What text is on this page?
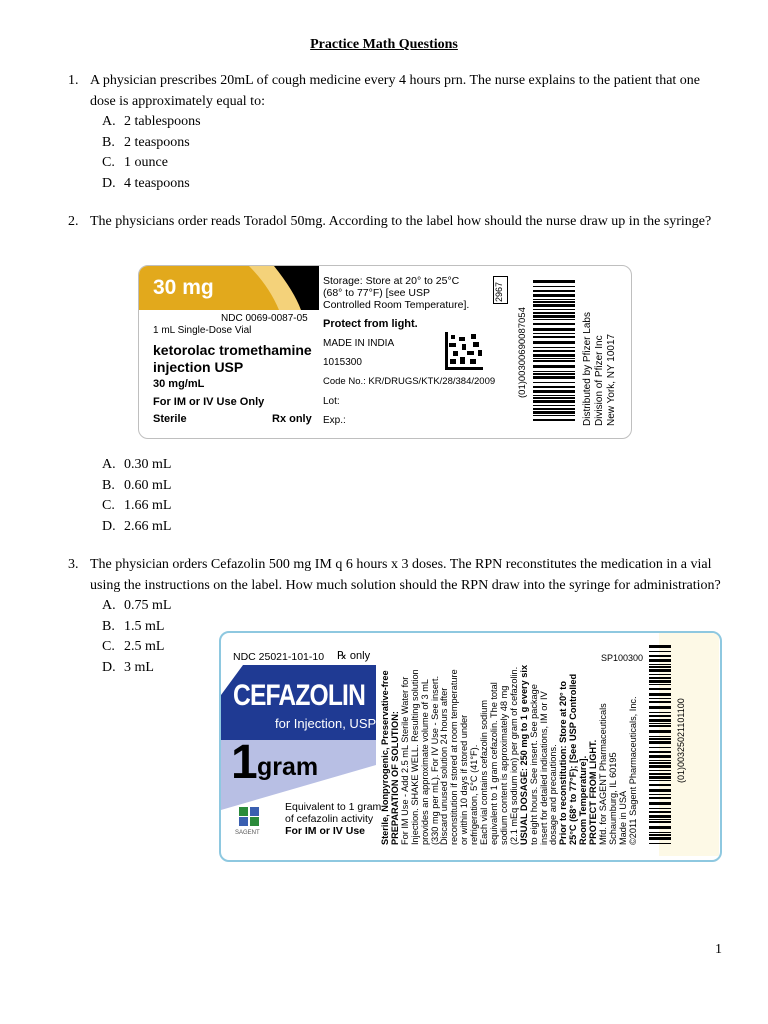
Practice Math Questions
1. A physician prescribes 20mL of cough medicine every 4 hours prn. The nurse explains to the patient that one dose is approximately equal to:
A. 2 tablespoons
B. 2 teaspoons
C. 1 ounce
D. 4 teaspoons
2. The physicians order reads Toradol 50mg. According to the label how should the nurse draw up in the syringe?
30 mg
NDC 0069-0087-05
1 mL Single-Dose Vial
ketorolac tromethamine
injection USP
30 mg/mL
For IM or IV Use Only
Sterile	Rx only
Storage: Store at 20° to 25°C
(68° to 77°F) [see USP
Controlled Room Temperature].
Protect from light.
MADE IN INDIA
1015300
Code No.: KR/DRUGS/KTK/28/384/2009
Lot:
Exp.:
2967
(01)00300690087054	Distributed by Pfizer Labs Division of Pfizer Inc New York, NY 10017
A. 0.30 mL
B. 0.60 mL
C. 1.66 mL
D. 2.66 mL
3. The physician orders Cefazolin 500 mg IM q 6 hours x 3 doses. The RPN reconstitutes the medication in a vial using the instructions on the label. How much solution should the RPN draw into the syringe for administration?
A. 0.75 mL
B. 1.5 mL
C. 2.5 mL
D. 3 mL
NDC 25021-101-10 ℞ only
CEFAZOLIN
for Injection, USP
1 gram
SAGENT
Equivalent to 1 gram
of cefazolin activity
For IM or IV Use Sterile, Nonpyrogenic, Preservative-free PREPARATION OF SOLUTION: For IM Use - Add 2.5 mL Sterile Water for Injection. SHAKE WELL. Resulting solution provides an approximate volume of 3 mL (330 mg per mL). For IV Use - See insert. Discard unused solution 24 hours after reconstitution if stored at room temperature or within 10 days if stored under refrigeration, 5°C (41°F). Each vial contains cefazolin sodium equivalent to 1 gram cefazolin. The total sodium content is approximately 48 mg (2.1 mEq sodium ion) per gram of cefazolin. USUAL DOSAGE: 250 mg to 1 g every six to eight hours. See insert. See package insert for detailed indications, IM or IV dosage and precautions. Prior to reconstitution: Store at 20° to 25°C (68° to 77°F); [See USP Controlled Room Temperature]. PROTECT FROM LIGHT. Mfd. for SAGENT Pharmaceuticals Schaumburg, IL 60195 Made in USA ©2011 Sagent Pharmaceuticals, Inc.
SP100300
(01)00325021101100
1
